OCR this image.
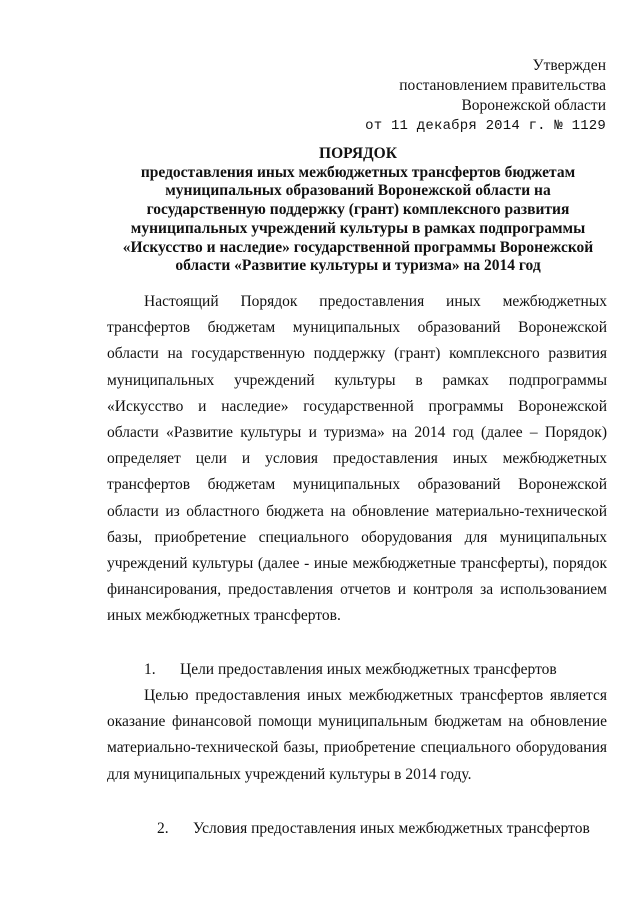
Утвержден
постановлением правительства
Воронежской области
от 11 декабря 2014 г. № 1129
ПОРЯДОК
предоставления иных межбюджетных трансфертов бюджетам
муниципальных образований Воронежской области на
государственную поддержку (грант) комплексного развития
муниципальных учреждений культуры в рамках подпрограммы
«Искусство и наследие» государственной программы Воронежской
области «Развитие культуры и туризма» на 2014 год
Настоящий Порядок предоставления иных межбюджетных трансфертов бюджетам муниципальных образований Воронежской области на государственную поддержку (грант) комплексного развития муниципальных учреждений культуры в рамках подпрограммы «Искусство и наследие» государственной программы Воронежской области «Развитие культуры и туризма» на 2014 год (далее – Порядок) определяет цели и условия предоставления иных межбюджетных трансфертов бюджетам муниципальных образований Воронежской области из областного бюджета на обновление материально-технической базы, приобретение специального оборудования для муниципальных учреждений культуры (далее - иные межбюджетные трансферты), порядок финансирования, предоставления отчетов и контроля за использованием иных межбюджетных трансфертов.
1. Цели предоставления иных межбюджетных трансфертов
Целью предоставления иных межбюджетных трансфертов является оказание финансовой помощи муниципальным бюджетам на обновление материально-технической базы, приобретение специального оборудования для муниципальных учреждений культуры в 2014 году.
2. Условия предоставления иных межбюджетных трансфертов
